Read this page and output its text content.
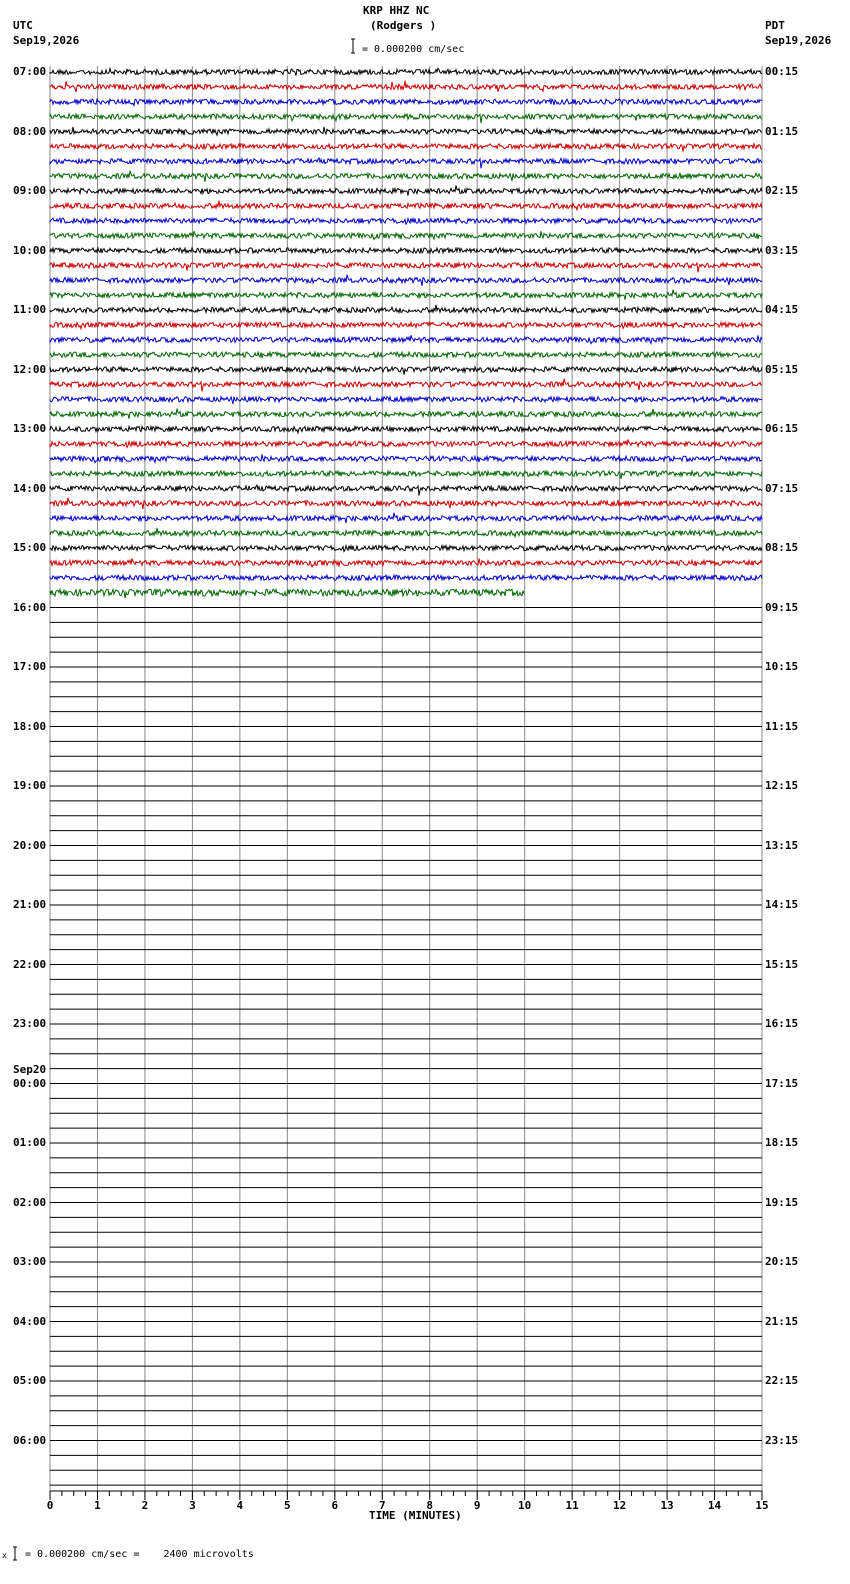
KRP HHZ NC
(Rodgers )
= 0.000200 cm/sec
UTC
Sep19,2026
PDT
Sep19,2026
TIME (MINUTES)
x = 0.000200 cm/sec =    2400 microvolts
0	1	2	3	4	5	6	7	8	9	10	11	12	13	14	15
07:00
08:00
09:00
10:00
11:00
12:00
13:00
14:00
15:00
16:00
17:00
18:00
19:00
20:00
21:00
22:00
23:00
00:00
Sep20
01:00
02:00
03:00
04:00
05:00
06:00
00:15
01:15
02:15
03:15
04:15
05:15
06:15
07:15
08:15
09:15
10:15
11:15
12:15
13:15
14:15
15:15
16:15
17:15
18:15
19:15
20:15
21:15
22:15
23:15
